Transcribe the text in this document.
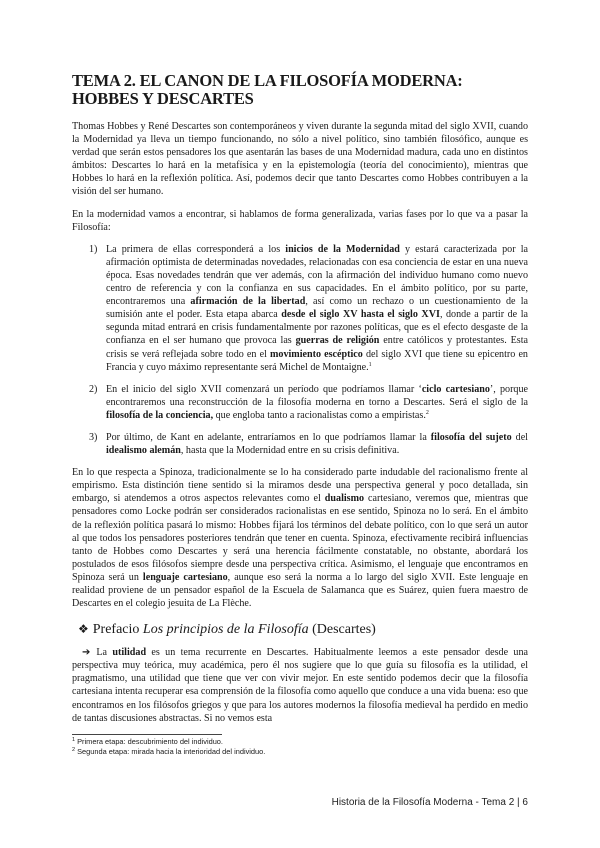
TEMA 2. EL CANON DE LA FILOSOFÍA MODERNA: HOBBES Y DESCARTES

Thomas Hobbes y René Descartes son contemporáneos y viven durante la segunda mitad del siglo XVII, cuando la Modernidad ya lleva un tiempo funcionando, no sólo a nivel político, sino también filosófico, aunque es verdad que serán estos pensadores los que asentarán las bases de una Modernidad madura, cada uno en distintos ámbitos: Descartes lo hará en la metafísica y en la epistemología (teoría del conocimiento), mientras que Hobbes lo hará en la reflexión política. Así, podemos decir que tanto Descartes como Hobbes contribuyen a la visión del ser humano.

En la modernidad vamos a encontrar, si hablamos de forma generalizada, varias fases por lo que va a pasar la Filosofía:

1) La primera de ellas corresponderá a los inicios de la Modernidad y estará caracterizada por la afirmación optimista de determinadas novedades, relacionadas con esa conciencia de estar en una nueva época. Esas novedades tendrán que ver además, con la afirmación del individuo humano como nuevo centro de referencia y con la confianza en sus capacidades. En el ámbito político, por su parte, encontraremos una afirmación de la libertad, así como un rechazo o un cuestionamiento de la sumisión ante el poder. Esta etapa abarca desde el siglo XV hasta el siglo XVI, donde a partir de la segunda mitad entrará en crisis fundamentalmente por razones políticas, que es el efecto desgaste de la confianza en el ser humano que provoca las guerras de religión entre católicos y protestantes. Esta crisis se verá reflejada sobre todo en el movimiento escéptico del siglo XVI que tiene su epicentro en Francia y cuyo máximo representante será Michel de Montaigne.$^1$
2) En el inicio del siglo XVII comenzará un período que podríamos llamar ‘ciclo cartesiano’, porque encontraremos una reconstrucción de la filosofía moderna en torno a Descartes. Será el siglo de la filosofía de la conciencia, que engloba tanto a racionalistas como a empiristas.$^2$
3) Por último, de Kant en adelante, entraríamos en lo que podríamos llamar la filosofía del sujeto del idealismo alemán, hasta que la Modernidad entre en su crisis definitiva.

En lo que respecta a Spinoza, tradicionalmente se lo ha considerado parte indudable del racionalismo frente al empirismo. Esta distinción tiene sentido si la miramos desde una perspectiva general y poco detallada, sin embargo, si atendemos a otros aspectos relevantes como el dualismo cartesiano, veremos que, mientras que pensadores como Locke podrán ser considerados racionalistas en ese sentido, Spinoza no lo será. En el ámbito de la reflexión política pasará lo mismo: Hobbes fijará los términos del debate político, con lo que será un autor al que todos los pensadores posteriores tendrán que tener en cuenta. Spinoza, efectivamente recibirá influencias tanto de Hobbes como Descartes y será una herencia fácilmente constatable, no obstante, abordará los postulados de esos filósofos siempre desde una perspectiva crítica. Asimismo, el lenguaje que encontramos en Spinoza será un lenguaje cartesiano, aunque eso será la norma a lo largo del siglo XVII. Este lenguaje en realidad proviene de un pensador español de la Escuela de Salamanca que es Suárez, quien fuera maestro de Descartes en el colegio jesuita de La Flèche.

❖ Prefacio Los principios de la Filosofía (Descartes)

➔ La utilidad es un tema recurrente en Descartes. Habitualmente leemos a este pensador desde una perspectiva muy teórica, muy académica, pero él nos sugiere que lo que guía su filosofía es la utilidad, el pragmatismo, una utilidad que tiene que ver con vivir mejor. En este sentido podemos decir que la filosofía cartesiana intenta recuperar esa comprensión de la filosofía como aquello que conduce a una vida buena: eso que encontramos en los filósofos griegos y que para los autores modernos la filosofía medieval ha perdido en medio de tantas discusiones abstractas. Si no vemos esta

$^1$ Primera etapa: descubrimiento del individuo.
$^2$ Segunda etapa: mirada hacia la interioridad del individuo.
Historia de la Filosofía Moderna - Tema 2 | 6
